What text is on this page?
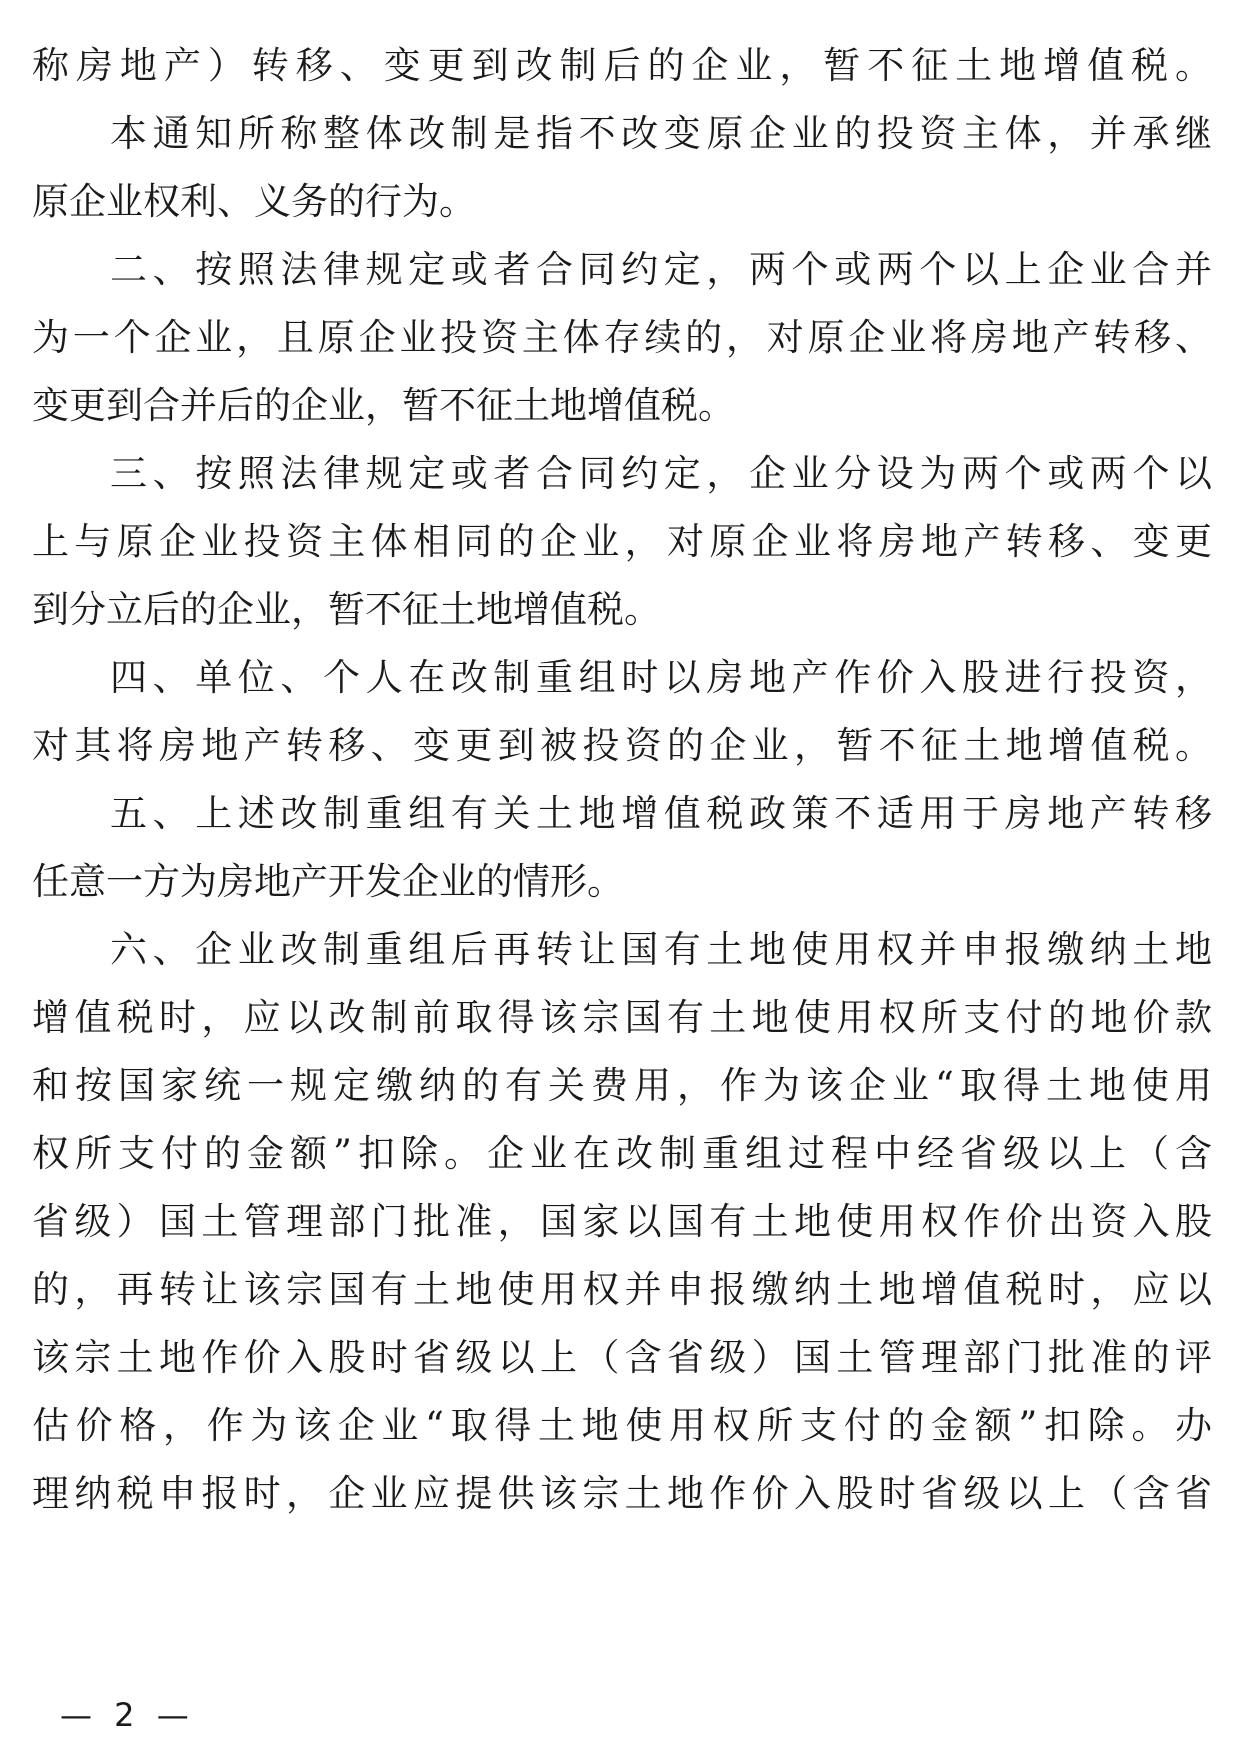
称房地产）转移、变更到改制后的企业，暂不征土地增值税。
本通知所称整体改制是指不改变原企业的投资主体，并承继
原企业权利、义务的行为。
二、按照法律规定或者合同约定，两个或两个以上企业合并
为一个企业，且原企业投资主体存续的，对原企业将房地产转移、
变更到合并后的企业，暂不征土地增值税。
三、按照法律规定或者合同约定，企业分设为两个或两个以
上与原企业投资主体相同的企业，对原企业将房地产转移、变更
到分立后的企业，暂不征土地增值税。
四、单位、个人在改制重组时以房地产作价入股进行投资，
对其将房地产转移、变更到被投资的企业，暂不征土地增值税。
五、上述改制重组有关土地增值税政策不适用于房地产转移
任意一方为房地产开发企业的情形。
六、企业改制重组后再转让国有土地使用权并申报缴纳土地
增值税时，应以改制前取得该宗国有土地使用权所支付的地价款
和按国家统一规定缴纳的有关费用，作为该企业“取得土地使用
权所支付的金额”扣除。企业在改制重组过程中经省级以上（含
省级）国土管理部门批准，国家以国有土地使用权作价出资入股
的，再转让该宗国有土地使用权并申报缴纳土地增值税时，应以
该宗土地作价入股时省级以上（含省级）国土管理部门批准的评
估价格，作为该企业“取得土地使用权所支付的金额”扣除。办
理纳税申报时，企业应提供该宗土地作价入股时省级以上（含省
— 2 —
